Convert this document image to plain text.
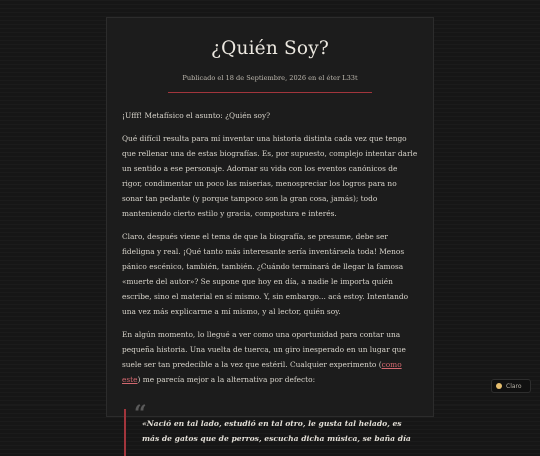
¿Quién Soy?
Publicado el 18 de Septiembre, 2026 en el éter L33t

¡Ufff! Metafísico el asunto: ¿Quién soy?

Qué difícil resulta para mí inventar una historia distinta cada vez que tengo que rellenar una de estas biografías. Es, por supuesto, complejo intentar darle un sentido a ese personaje. Adornar su vida con los eventos canónicos de rigor, condimentar un poco las miserias, menospreciar los logros para no sonar tan pedante (y porque tampoco son la gran cosa, jamás); todo manteniendo cierto estilo y gracia, compostura e interés.

Claro, después viene el tema de que la biografía, se presume, debe ser fideligna y real. ¡Qué tanto más interesante sería inventársela toda! Menos pánico escénico, también, también. ¿Cuándo terminará de llegar la famosa «muerte del autor»? Se supone que hoy en día, a nadie le importa quién escribe, sino el material en sí mismo. Y, sin embargo... acá estoy. Intentando una vez más explicarme a mí mismo, y al lector, quién soy.

En algún momento, lo llegué a ver como una oportunidad para contar una pequeña historia. Una vuelta de tuerca, un giro inesperado en un lugar que suele ser tan predecible a la vez que estéril. Cualquier experimento (como este) me parecía mejor a la alternativa por defecto:

“
«Nació en tal lado, estudió en tal otro, le gusta tal helado, es más de gatos que de perros, escucha dicha música, se baña día
Claro
